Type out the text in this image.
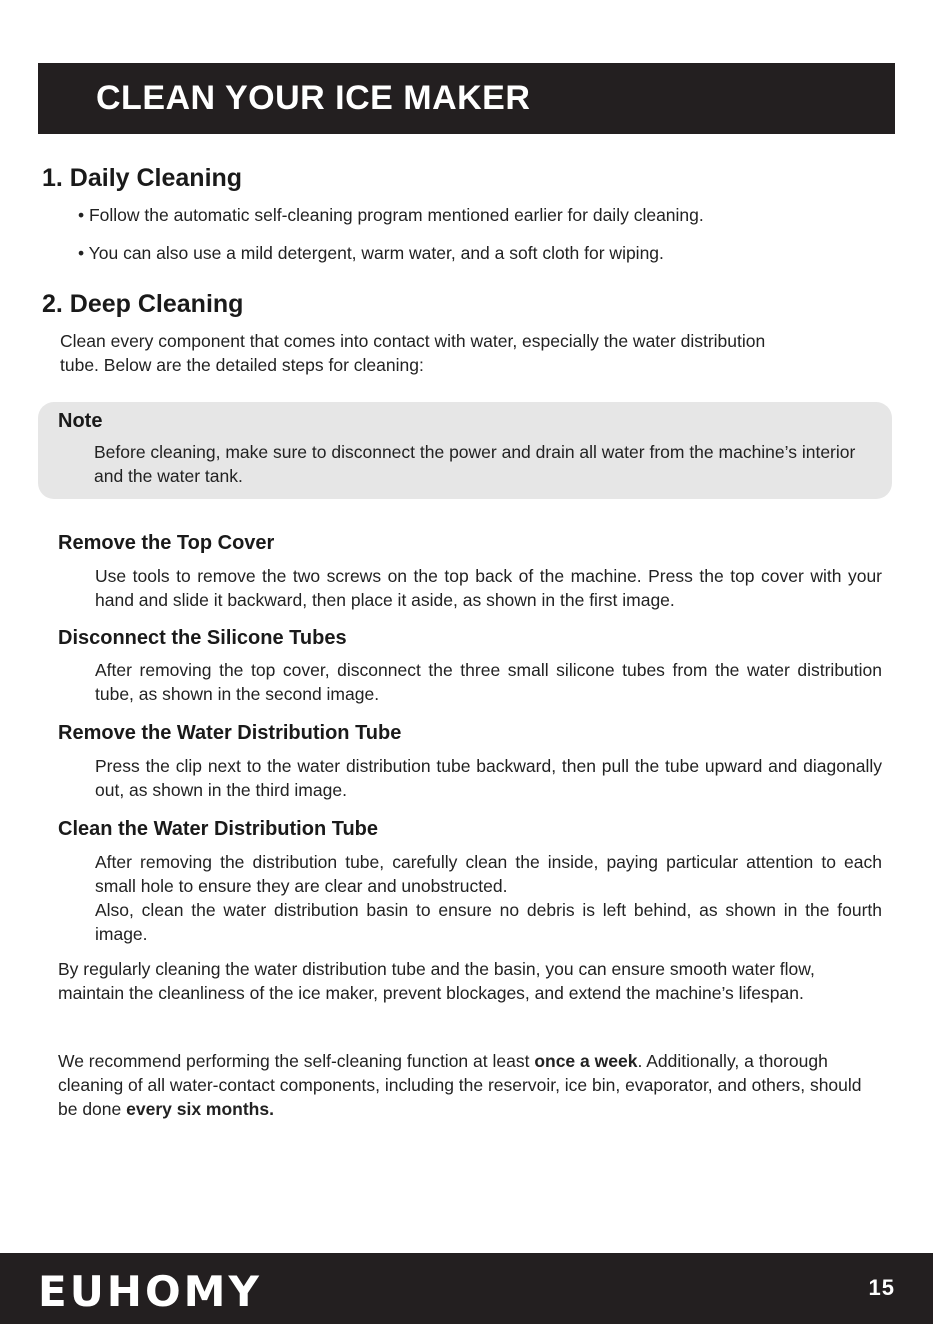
CLEAN YOUR ICE MAKER
1. Daily Cleaning

• Follow the automatic self-cleaning program mentioned earlier for daily cleaning.

• You can also use a mild detergent, warm water, and a soft cloth for wiping.

2. Deep Cleaning

Clean every component that comes into contact with water, especially the water distribution tube. Below are the detailed steps for cleaning:

Note

Before cleaning, make sure to disconnect the power and drain all water from the machine’s interior and the water tank.

Remove the Top Cover

Use tools to remove the two screws on the top back of the machine. Press the top cover with your hand and slide it backward, then place it aside, as shown in the first image.

Disconnect the Silicone Tubes

After removing the top cover, disconnect the three small silicone tubes from the water distribution tube, as shown in the second image.

Remove the Water Distribution Tube

Press the clip next to the water distribution tube backward, then pull the tube upward and diagonally out, as shown in the third image.

Clean the Water Distribution Tube

After removing the distribution tube, carefully clean the inside, paying particular attention to each small hole to ensure they are clear and unobstructed.

Also, clean the water distribution basin to ensure no debris is left behind, as shown in the fourth image.

By regularly cleaning the water distribution tube and the basin, you can ensure smooth water flow, maintain the cleanliness of the ice maker, prevent blockages, and extend the machine’s lifespan.

We recommend performing the self-cleaning function at least once a week. Additionally, a thorough cleaning of all water-contact components, including the reservoir, ice bin, evaporator, and others, should be done every six months.

EUHOMY	15
